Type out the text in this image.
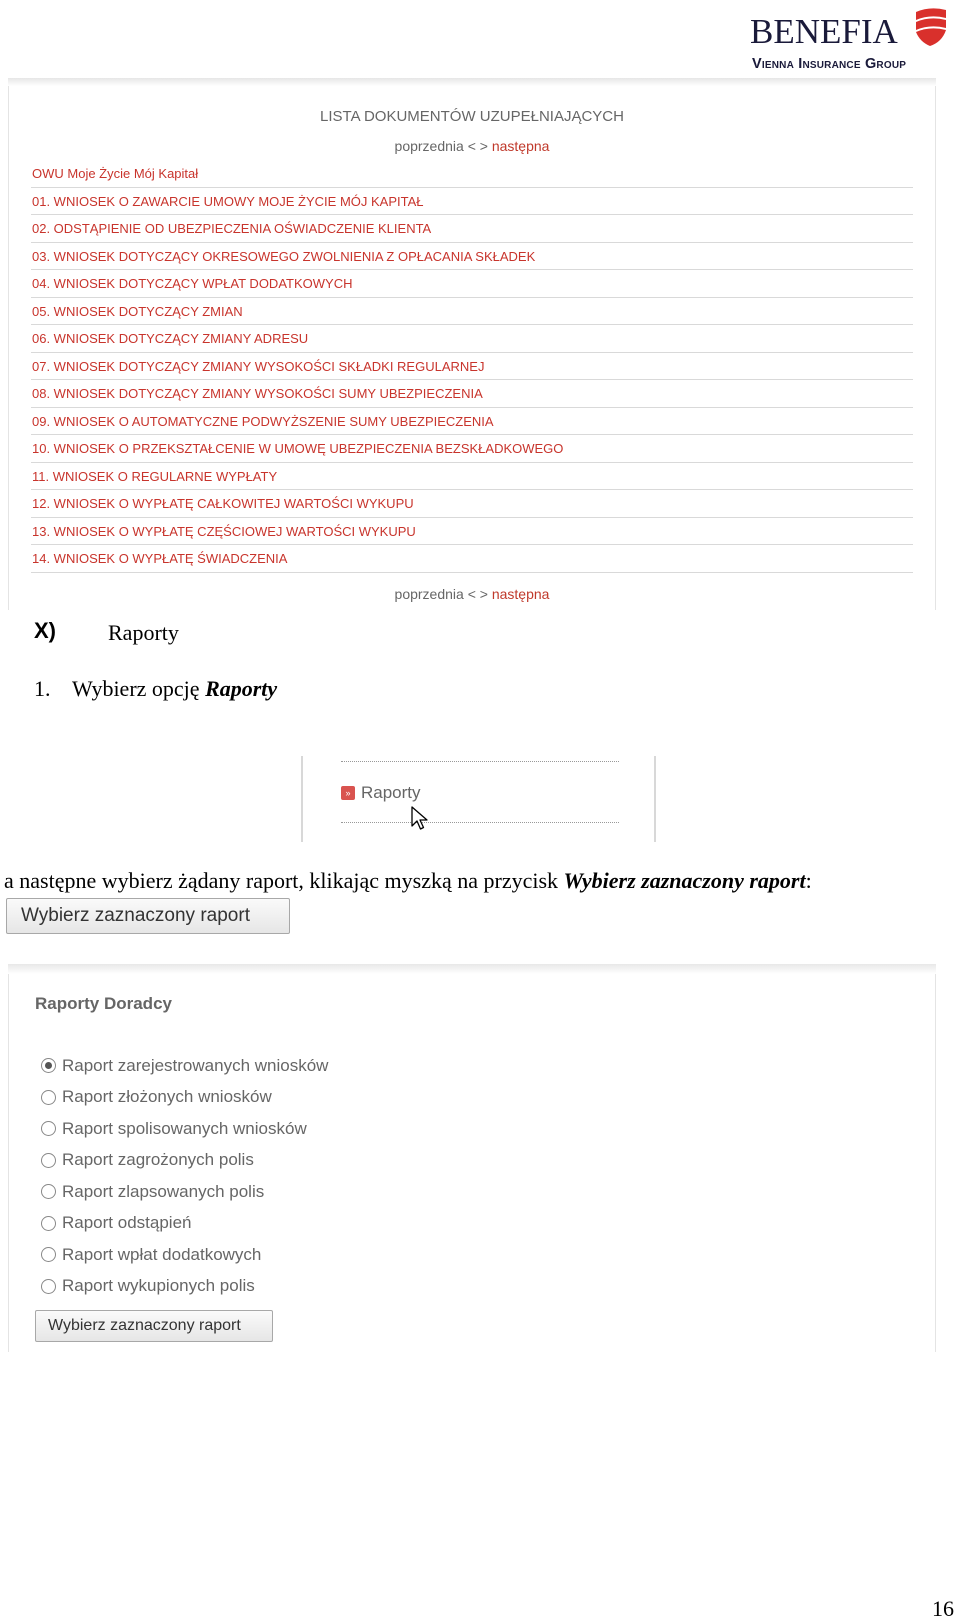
BENEFIA
Vienna Insurance Group
LISTA DOKUMENTÓW UZUPEŁNIAJĄCYCH
poprzednia < > następna
OWU Moje Życie Mój Kapitał
01. WNIOSEK O ZAWARCIE UMOWY MOJE ŻYCIE MÓJ KAPITAŁ
02. ODSTĄPIENIE OD UBEZPIECZENIA OŚWIADCZENIE KLIENTA
03. WNIOSEK DOTYCZĄCY OKRESOWEGO ZWOLNIENIA Z OPŁACANIA SKŁADEK
04. WNIOSEK DOTYCZĄCY WPŁAT DODATKOWYCH
05. WNIOSEK DOTYCZĄCY ZMIAN
06. WNIOSEK DOTYCZĄCY ZMIANY ADRESU
07. WNIOSEK DOTYCZĄCY ZMIANY WYSOKOŚCI SKŁADKI REGULARNEJ
08. WNIOSEK DOTYCZĄCY ZMIANY WYSOKOŚCI SUMY UBEZPIECZENIA
09. WNIOSEK O AUTOMATYCZNE PODWYŻSZENIE SUMY UBEZPIECZENIA
10. WNIOSEK O PRZEKSZTAŁCENIE W UMOWĘ UBEZPIECZENIA BEZSKŁADKOWEGO
11. WNIOSEK O REGULARNE WYPŁATY
12. WNIOSEK O WYPŁATĘ CAŁKOWITEJ WARTOŚCI WYKUPU
13. WNIOSEK O WYPŁATĘ CZĘŚCIOWEJ WARTOŚCI WYKUPU
14. WNIOSEK O WYPŁATĘ ŚWIADCZENIA
poprzednia < > następna
X) Raporty
1. Wybierz opcję Raporty
» Raporty
a następne wybierz żądany raport, klikając myszką na przycisk Wybierz zaznaczony raport:
Wybierz zaznaczony raport
Raporty Doradcy
Raport zarejestrowanych wniosków
Raport złożonych wniosków
Raport spolisowanych wniosków
Raport zagrożonych polis
Raport zlapsowanych polis
Raport odstąpień
Raport wpłat dodatkowych
Raport wykupionych polis
Wybierz zaznaczony raport
16
